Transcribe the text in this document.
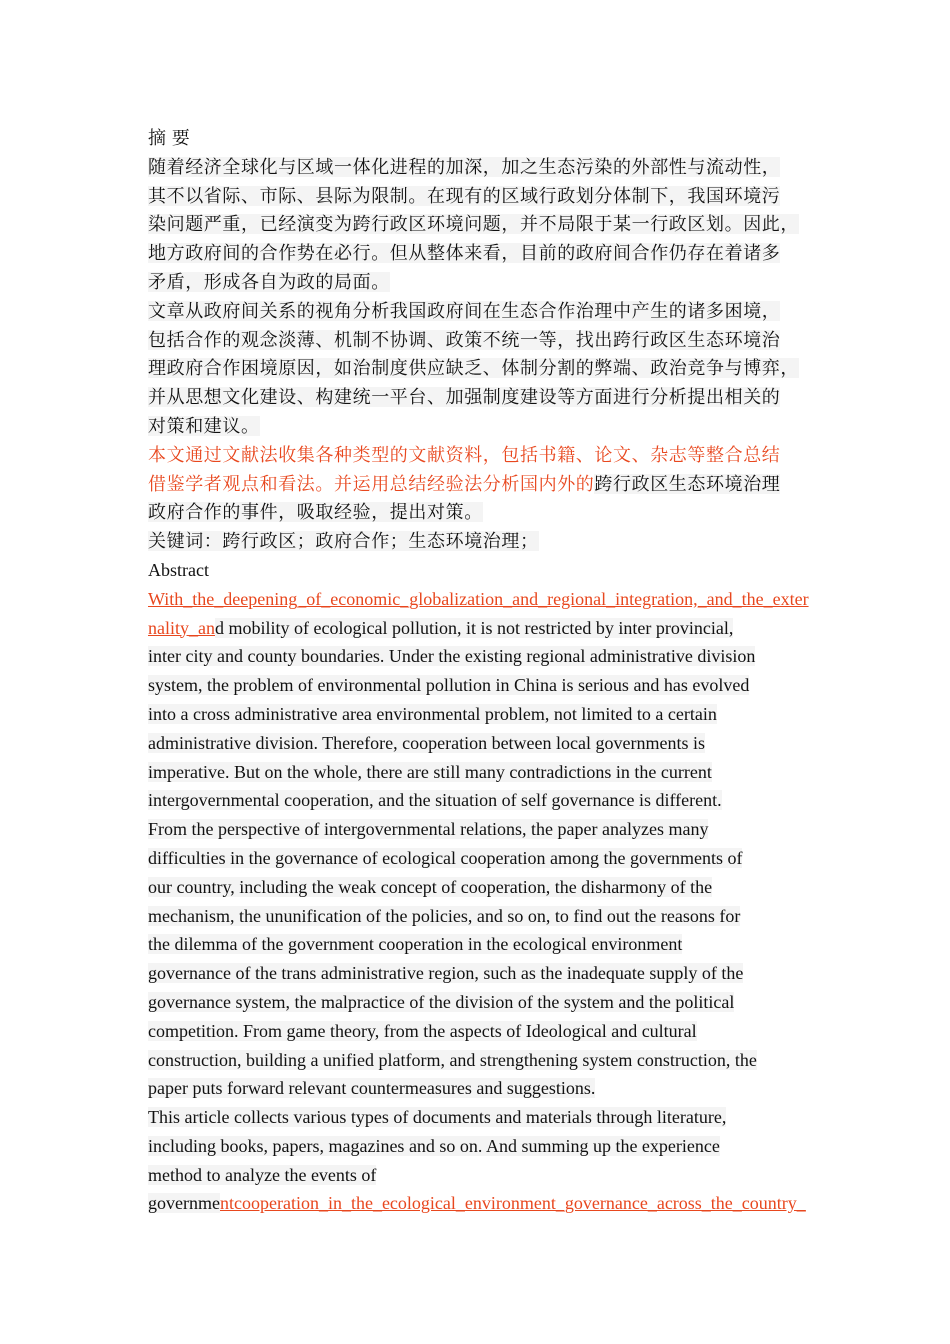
摘 要
随着经济全球化与区域一体化进程的加深，加之生态污染的外部性与流动性，
其不以省际、市际、县际为限制。在现有的区域行政划分体制下，我国环境污
染问题严重，已经演变为跨行政区环境问题，并不局限于某一行政区划。因此，
地方政府间的合作势在必行。但从整体来看，目前的政府间合作仍存在着诸多
矛盾，形成各自为政的局面。
文章从政府间关系的视角分析我国政府间在生态合作治理中产生的诸多困境，
包括合作的观念淡薄、机制不协调、政策不统一等，找出跨行政区生态环境治
理政府合作困境原因，如治制度供应缺乏、体制分割的弊端、政治竞争与博弈，
并从思想文化建设、构建统一平台、加强制度建设等方面进行分析提出相关的
对策和建议。
本文通过文献法收集各种类型的文献资料，包括书籍、论文、杂志等整合总结
借鉴学者观点和看法。并运用总结经验法分析国内外的跨行政区生态环境治理
政府合作的事件，吸取经验，提出对策。
关键词：跨行政区；政府合作；生态环境治理；
Abstract
With_the_deepening_of_economic_globalization_and_regional_integration,_and_the_exter
nality_and mobility of ecological pollution, it is not restricted by inter provincial,
inter city and county boundaries. Under the existing regional administrative division
system, the problem of environmental pollution in China is serious and has evolved
into a cross administrative area environmental problem, not limited to a certain
administrative division. Therefore, cooperation between local governments is
imperative. But on the whole, there are still many contradictions in the current
intergovernmental cooperation, and the situation of self governance is different.
From the perspective of intergovernmental relations, the paper analyzes many
difficulties in the governance of ecological cooperation among the governments of
our country, including the weak concept of cooperation, the disharmony of the
mechanism, the ununification of the policies, and so on, to find out the reasons for
the dilemma of the government cooperation in the ecological environment
governance of the trans administrative region, such as the inadequate supply of the
governance system, the malpractice of the division of the system and the political
competition. From game theory, from the aspects of Ideological and cultural
construction, building a unified platform, and strengthening system construction, the
paper puts forward relevant countermeasures and suggestions.
This article collects various types of documents and materials through literature,
including books, papers, magazines and so on. And summing up the experience
method to analyze the events of
governmentcooperation_in_the_ecological_environment_governance_across_the_country_
